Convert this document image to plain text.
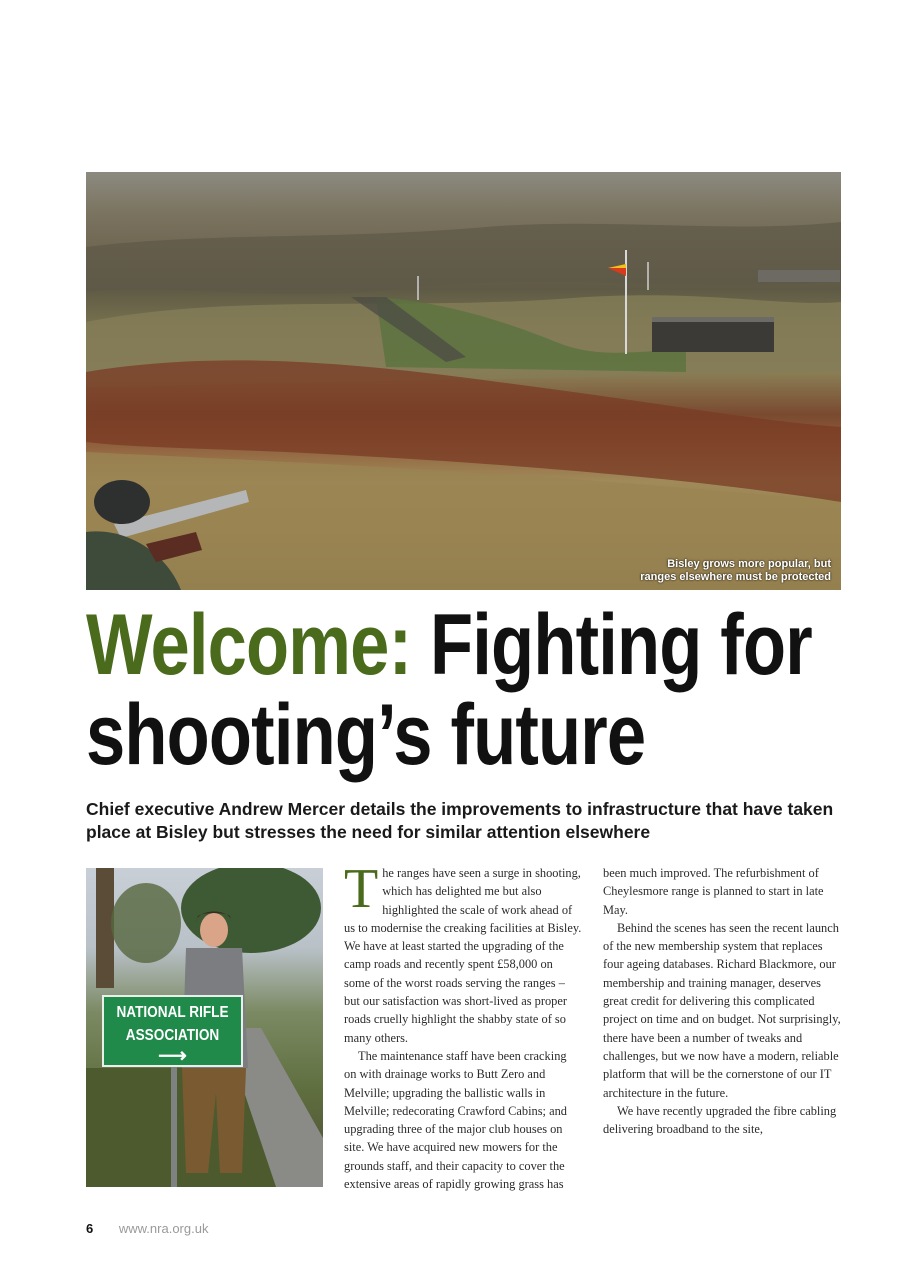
Bisley grows more popular, but
ranges elsewhere must be protected
Welcome: Fighting for
shooting’s future
Chief executive Andrew Mercer details the improvements to infrastructure that have taken place at Bisley but stresses the need for similar attention elsewhere
NATIONAL RIFLE
ASSOCIATION
⟶

The ranges have seen a surge in shooting, which has delighted me but also highlighted the scale of work ahead of us to modernise the creaking facilities at Bisley. We have at least started the upgrading of the camp roads and recently spent £58,000 on some of the worst roads serving the ranges – but our satisfaction was short-lived as proper roads cruelly highlight the shabby state of so many others.

The maintenance staff have been cracking on with drainage works to Butt Zero and Melville; upgrading the ballistic walls in Melville; redecorating Crawford Cabins; and upgrading three of the major club houses on site. We have acquired new mowers for the grounds staff, and their capacity to cover the extensive areas of rapidly growing grass has

been much improved. The refurbishment of Cheylesmore range is planned to start in late May.

Behind the scenes has seen the recent launch of the new membership system that replaces four ageing databases. Richard Blackmore, our membership and training manager, deserves great credit for delivering this complicated project on time and on budget. Not surprisingly, there have been a number of tweaks and challenges, but we now have a modern, reliable platform that will be the cornerstone of our IT architecture in the future.

We have recently upgraded the fibre cabling delivering broadband to the site,

6 www.nra.org.uk
